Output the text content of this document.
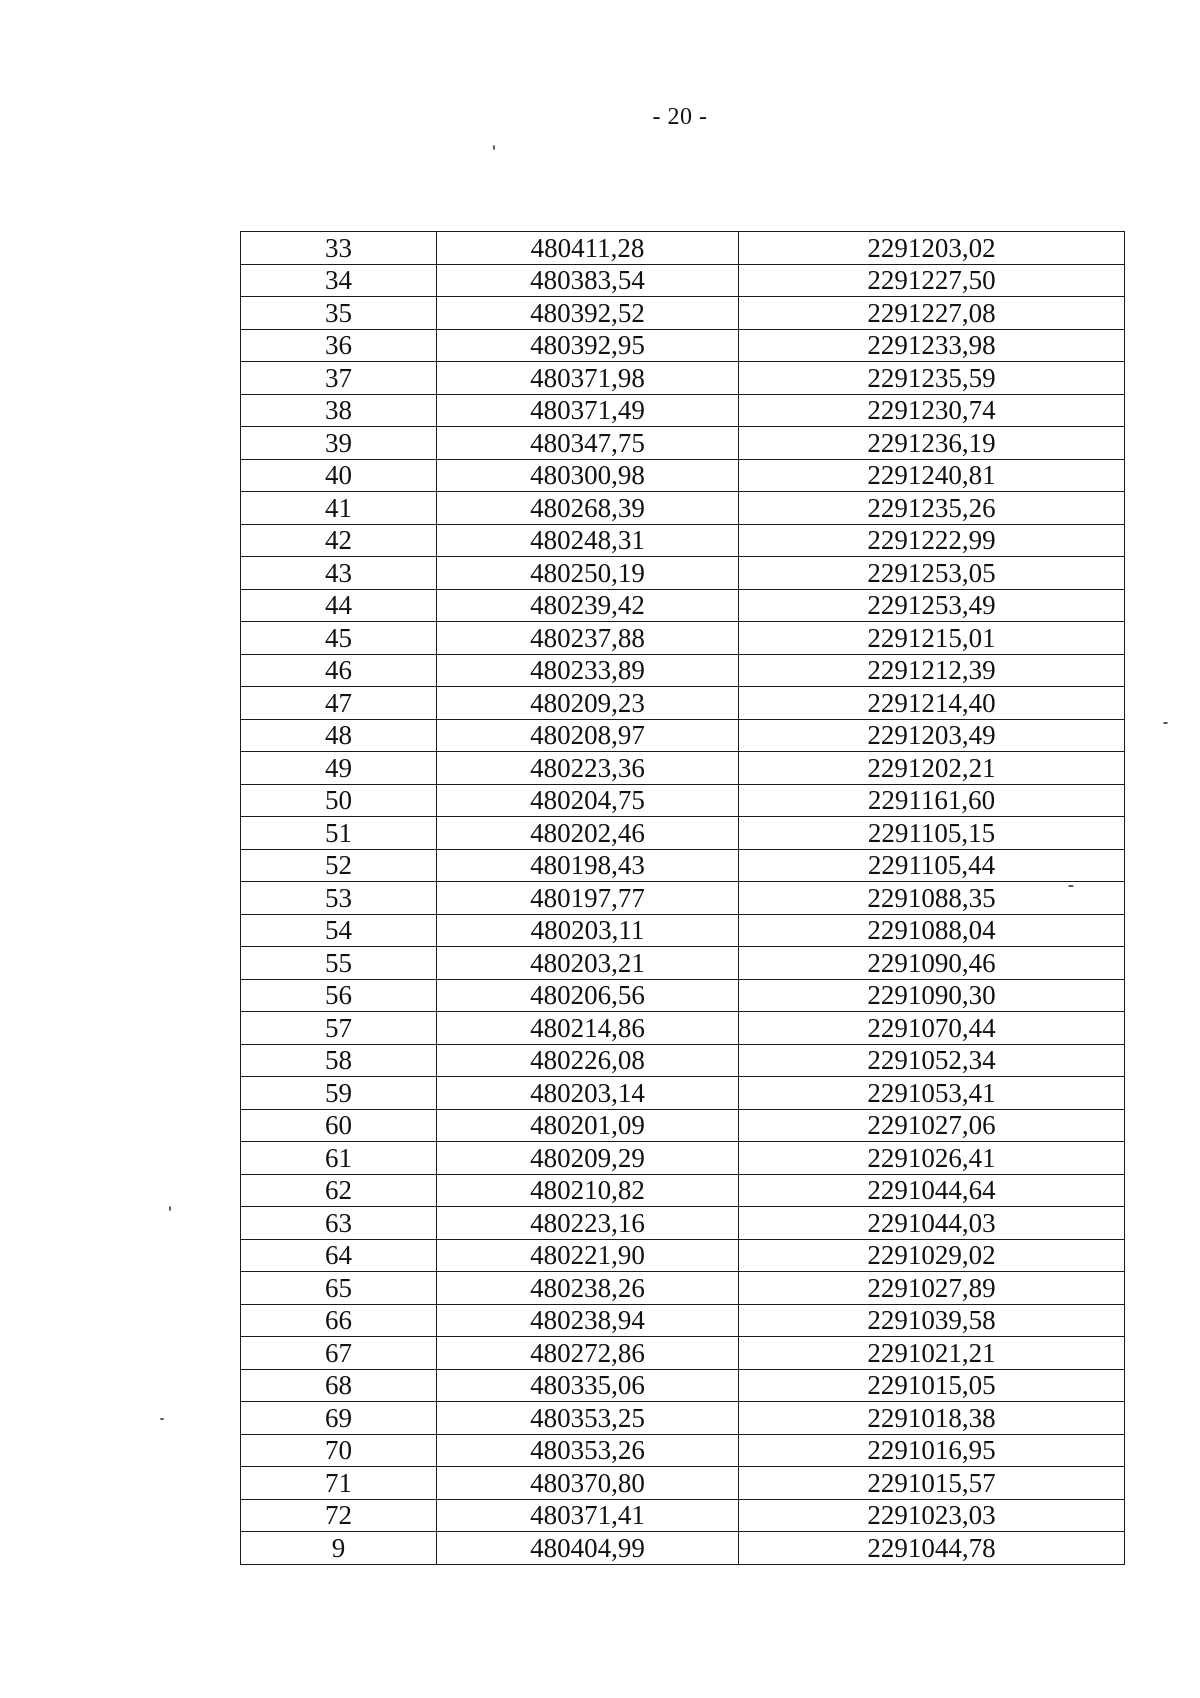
- 20 -
33	480411,28	2291203,02
34	480383,54	2291227,50
35	480392,52	2291227,08
36	480392,95	2291233,98
37	480371,98	2291235,59
38	480371,49	2291230,74
39	480347,75	2291236,19
40	480300,98	2291240,81
41	480268,39	2291235,26
42	480248,31	2291222,99
43	480250,19	2291253,05
44	480239,42	2291253,49
45	480237,88	2291215,01
46	480233,89	2291212,39
47	480209,23	2291214,40
48	480208,97	2291203,49
49	480223,36	2291202,21
50	480204,75	2291161,60
51	480202,46	2291105,15
52	480198,43	2291105,44
53	480197,77	2291088,35
54	480203,11	2291088,04
55	480203,21	2291090,46
56	480206,56	2291090,30
57	480214,86	2291070,44
58	480226,08	2291052,34
59	480203,14	2291053,41
60	480201,09	2291027,06
61	480209,29	2291026,41
62	480210,82	2291044,64
63	480223,16	2291044,03
64	480221,90	2291029,02
65	480238,26	2291027,89
66	480238,94	2291039,58
67	480272,86	2291021,21
68	480335,06	2291015,05
69	480353,25	2291018,38
70	480353,26	2291016,95
71	480370,80	2291015,57
72	480371,41	2291023,03
9	480404,99	2291044,78
